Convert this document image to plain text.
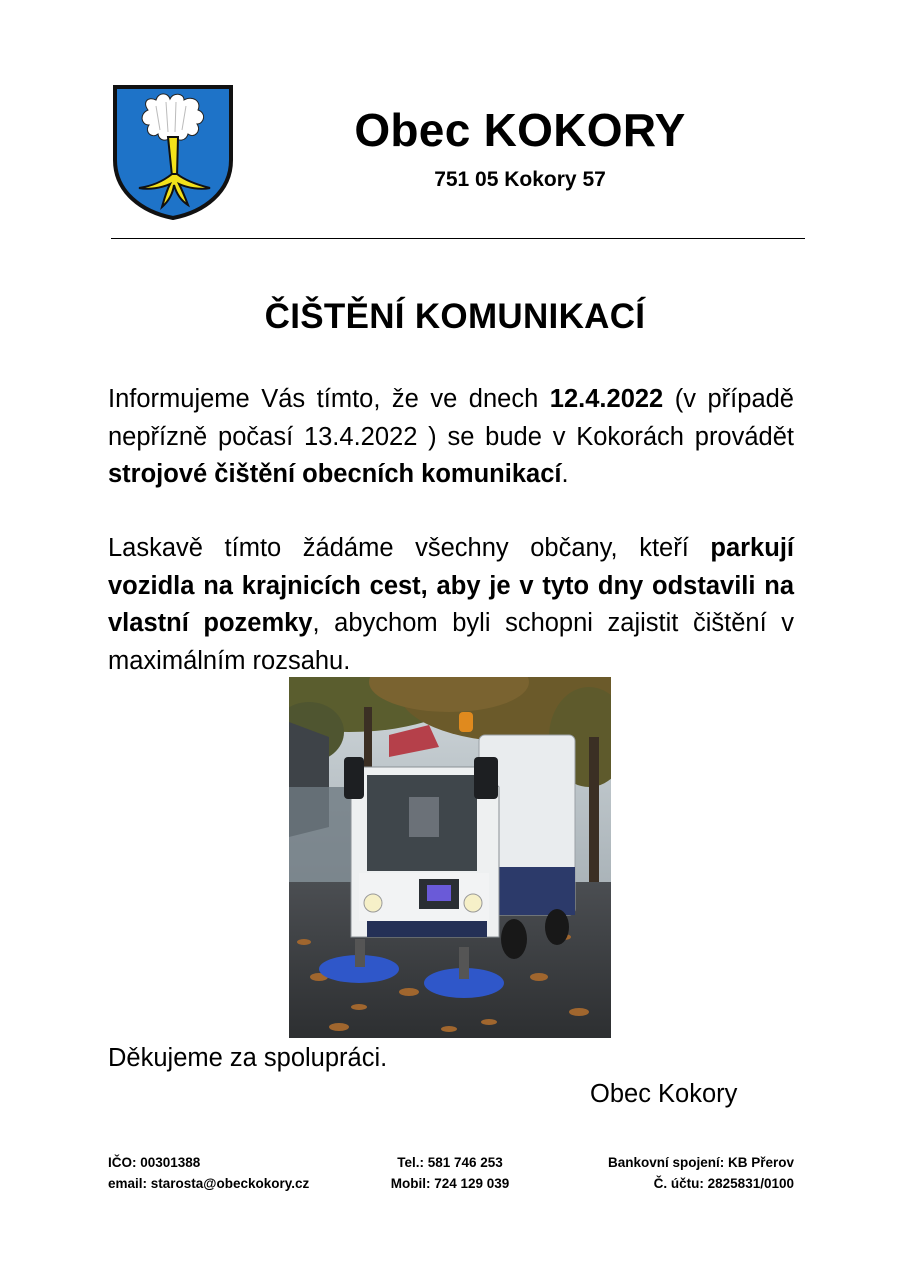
Obec KOKORY
751 05 Kokory 57
ČIŠTĚNÍ KOMUNIKACÍ

Informujeme Vás tímto, že ve dnech 12.4.2022 (v případě nepřízně počasí 13.4.2022 ) se bude v Kokorách provádět strojové čištění obecních komunikací.

Laskavě tímto žádáme všechny občany, kteří parkují vozidla na krajnicích cest, aby je v tyto dny odstavili na vlastní pozemky, abychom byli schopni zajistit čištění v maximálním rozsahu.

Děkujeme za spolupráci.
Obec Kokory
IČO: 00301388
email: starosta@obeckokory.cz
Tel.: 581 746 253
Mobil: 724 129 039
Bankovní spojení: KB Přerov
Č. účtu: 2825831/0100
